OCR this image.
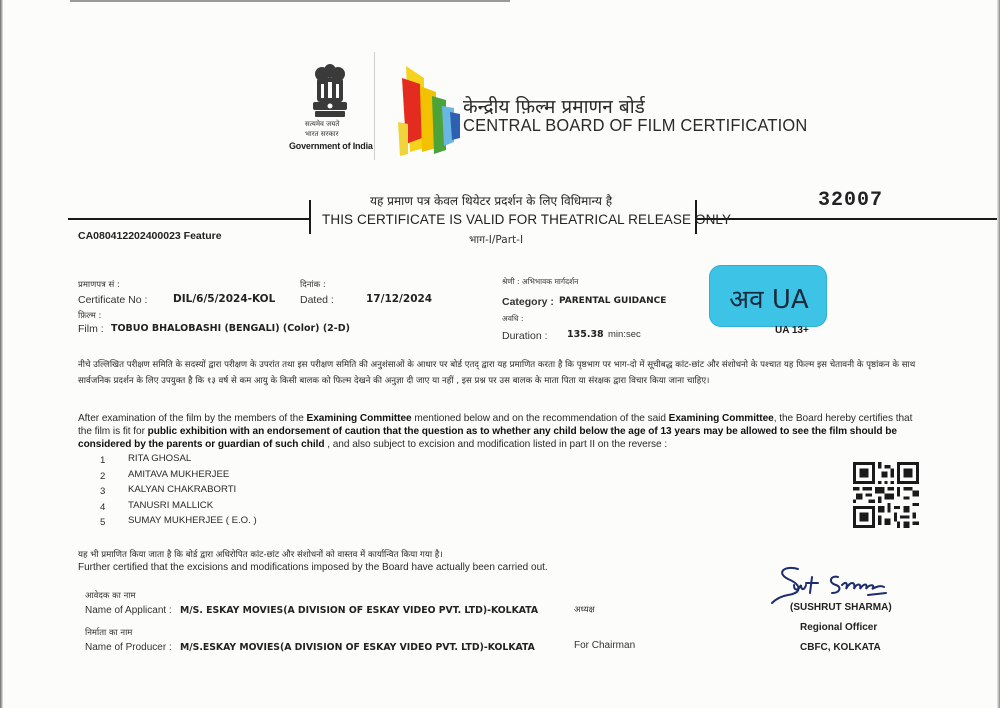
सत्यमेव जयते
भारत सरकार
Government of India
केन्द्रीय फ़िल्म प्रमाणन बोर्ड
CENTRAL BOARD OF FILM CERTIFICATION
यह प्रमाण पत्र केवल थियेटर प्रदर्शन के लिए विधिमान्य है
THIS CERTIFICATE IS VALID FOR THEATRICAL RELEASE ONLY
भाग-I/Part-I
32007
CA080412202400023 Feature
प्रमाणपत्र सं :
Certificate No : DIL/6/5/2024-KOL
दिनांक :
Dated :	17/12/2024
फ़िल्म :
Film : TOBUO BHALOBASHI (BENGALI) (Color) (2-D)
श्रेणी : अभिभावक मार्गदर्शन
Category : PARENTAL GUIDANCE
अवधि :
Duration : 135.38 min:sec
अव UA
UA 13+
नीचे उल्लिखित परीक्षण समिति के सदस्यों द्वारा परीक्षण के उपरांत तथा इस परीक्षण समिति की अनुशंसाओं के आधार पर बोर्ड एतद् द्वारा यह प्रमाणित करता है कि पृष्ठभाग पर भाग-दो में सूचीबद्ध कांट-छांट और संशोधनो के पश्चात यह फिल्म इस चेतावनी के पृष्ठांकन के साथ सार्वजनिक प्रदर्शन के लिए उपयुक्त है कि १३ वर्ष से कम आयु के किसी बालक को फिल्म देखने की अनुज्ञा दी जाए या नहीं , इस प्रश्न पर उस बालक के माता पिता या संरक्षक द्वारा विचार किया जाना चाहिए।
After examination of the film by the members of the Examining Committee mentioned below and on the recommendation of the said Examining Committee, the Board hereby certifies that the film is fit for public exhibition with an endorsement of caution that the question as to whether any child below the age of 13 years may be allowed to see the film should be considered by the parents or guardian of such child , and also subject to excision and modification listed in part II on the reverse :
1 RITA GHOSAL
2 AMITAVA MUKHERJEE
3 KALYAN CHAKRABORTI
4 TANUSRI MALLICK
5 SUMAY MUKHERJEE ( E.O. )
यह भी प्रमाणित किया जाता है कि बोर्ड द्वारा अधिरोपित कांट-छांट और संशोधनों को वास्तव में कार्यान्वित किया गया है।
Further certified that the excisions and modifications imposed by the Board have actually been carried out.
आवेदक का नाम
Name of Applicant : M/S. ESKAY MOVIES(A DIVISION OF ESKAY VIDEO PVT. LTD)-KOLKATA
निर्माता का नाम
Name of Producer : M/S.ESKAY MOVIES(A DIVISION OF ESKAY VIDEO PVT. LTD)-KOLKATA
अध्यक्ष
For Chairman
(SUSHRUT SHARMA)
Regional Officer
CBFC, KOLKATA
